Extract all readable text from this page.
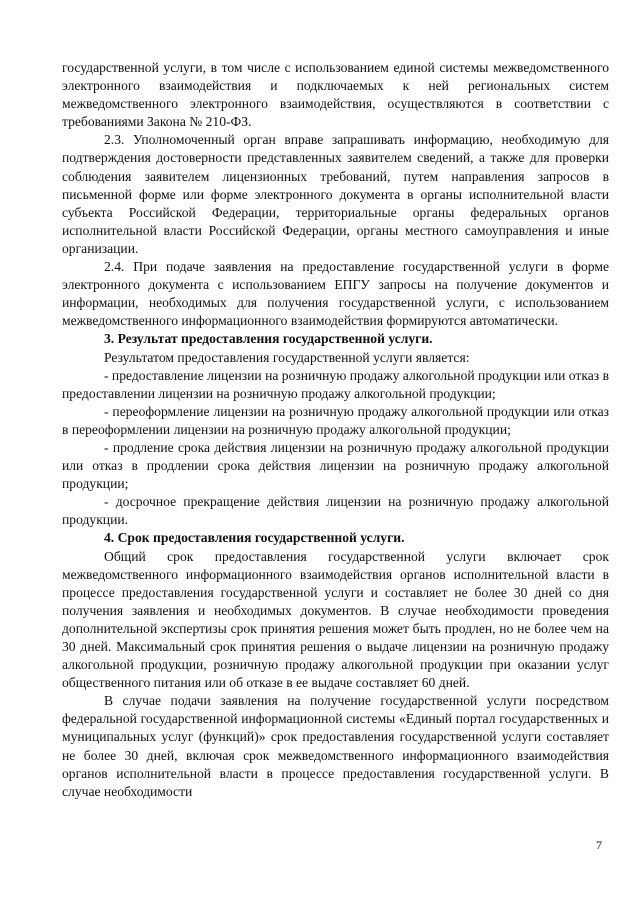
государственной услуги, в том числе с использованием единой системы межведомственного электронного взаимодействия и подключаемых к ней региональных систем межведомственного электронного взаимодействия, осуществляются в соответствии с требованиями Закона № 210-ФЗ.

2.3. Уполномоченный орган вправе запрашивать информацию, необходимую для подтверждения достоверности представленных заявителем сведений, а также для проверки соблюдения заявителем лицензионных требований, путем направления запросов в письменной форме или форме электронного документа в органы исполнительной власти субъекта Российской Федерации, территориальные органы федеральных органов исполнительной власти Российской Федерации, органы местного самоуправления и иные организации.

2.4. При подаче заявления на предоставление государственной услуги в форме электронного документа с использованием ЕПГУ запросы на получение документов и информации, необходимых для получения государственной услуги, с использованием межведомственного информационного взаимодействия формируются автоматически.

3. Результат предоставления государственной услуги.

Результатом предоставления государственной услуги является:

- предоставление лицензии на розничную продажу алкогольной продукции или отказ в предоставлении лицензии на розничную продажу алкогольной продукции;

- переоформление лицензии на розничную продажу алкогольной продукции или отказ в переоформлении лицензии на розничную продажу алкогольной продукции;

- продление срока действия лицензии на розничную продажу алкогольной продукции или отказ в продлении срока действия лицензии на розничную продажу алкогольной продукции;

- досрочное прекращение действия лицензии на розничную продажу алкогольной продукции.

4. Срок предоставления государственной услуги.

Общий срок предоставления государственной услуги включает срок межведомственного информационного взаимодействия органов исполнительной власти в процессе предоставления государственной услуги и составляет не более 30 дней со дня получения заявления и необходимых документов. В случае необходимости проведения дополнительной экспертизы срок принятия решения может быть продлен, но не более чем на 30 дней. Максимальный срок принятия решения о выдаче лицензии на розничную продажу алкогольной продукции, розничную продажу алкогольной продукции при оказании услуг общественного питания или об отказе в ее выдаче составляет 60 дней.

В случае подачи заявления на получение государственной услуги посредством федеральной государственной информационной системы «Единый портал государственных и муниципальных услуг (функций)» срок предоставления государственной услуги составляет не более 30 дней, включая срок межведомственного информационного взаимодействия органов исполнительной власти в процессе предоставления государственной услуги. В случае необходимости

7
